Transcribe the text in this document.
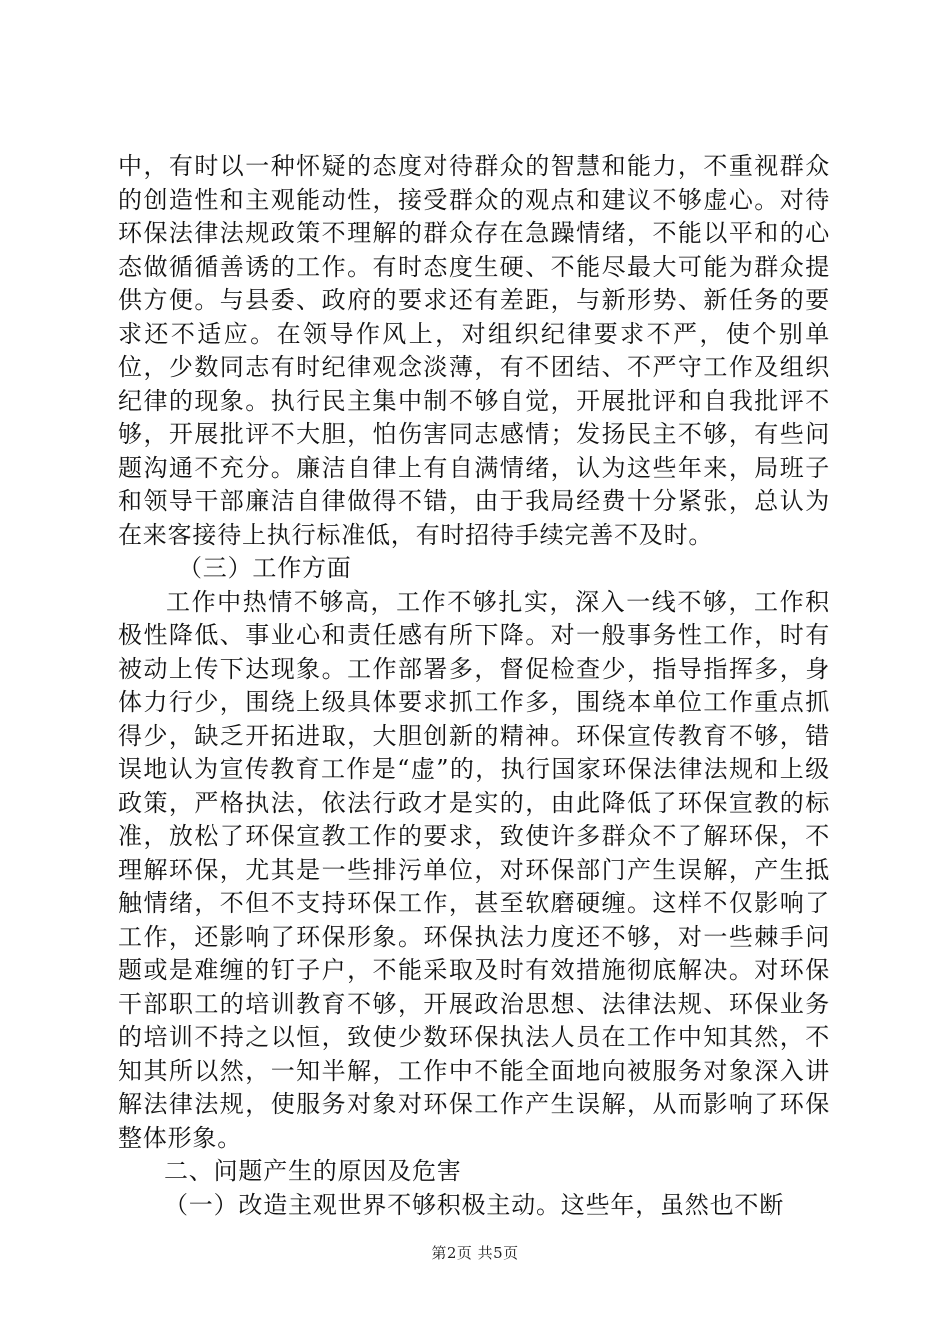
中，有时以一种怀疑的态度对待群众的智慧和能力，不重视群众的创造性和主观能动性，接受群众的观点和建议不够虚心。对待环保法律法规政策不理解的群众存在急躁情绪，不能以平和的心态做循循善诱的工作。有时态度生硬、不能尽最大可能为群众提供方便。与县委、政府的要求还有差距，与新形势、新任务的要求还不适应。在领导作风上，对组织纪律要求不严，使个别单位，少数同志有时纪律观念淡薄，有不团结、不严守工作及组织纪律的现象。执行民主集中制不够自觉，开展批评和自我批评不够，开展批评不大胆，怕伤害同志感情；发扬民主不够，有些问题沟通不充分。廉洁自律上有自满情绪，认为这些年来，局班子和领导干部廉洁自律做得不错，由于我局经费十分紧张，总认为在来客接待上执行标准低，有时招待手续完善不及时。

（三）工作方面

工作中热情不够高，工作不够扎实，深入一线不够，工作积极性降低、事业心和责任感有所下降。对一般事务性工作，时有被动上传下达现象。工作部署多，督促检查少，指导指挥多，身体力行少，围绕上级具体要求抓工作多，围绕本单位工作重点抓得少，缺乏开拓进取，大胆创新的精神。环保宣传教育不够，错误地认为宣传教育工作是“虚”的，执行国家环保法律法规和上级政策，严格执法，依法行政才是实的，由此降低了环保宣教的标准，放松了环保宣教工作的要求，致使许多群众不了解环保，不理解环保，尤其是一些排污单位，对环保部门产生误解，产生抵触情绪，不但不支持环保工作，甚至软磨硬缠。这样不仅影响了工作，还影响了环保形象。环保执法力度还不够，对一些棘手问题或是难缠的钉子户，不能采取及时有效措施彻底解决。对环保干部职工的培训教育不够，开展政治思想、法律法规、环保业务的培训不持之以恒，致使少数环保执法人员在工作中知其然，不知其所以然，一知半解，工作中不能全面地向被服务对象深入讲解法律法规，使服务对象对环保工作产生误解，从而影响了环保整体形象。

二、问题产生的原因及危害

（一）改造主观世界不够积极主动。这些年，虽然也不断

第2页 共5页
